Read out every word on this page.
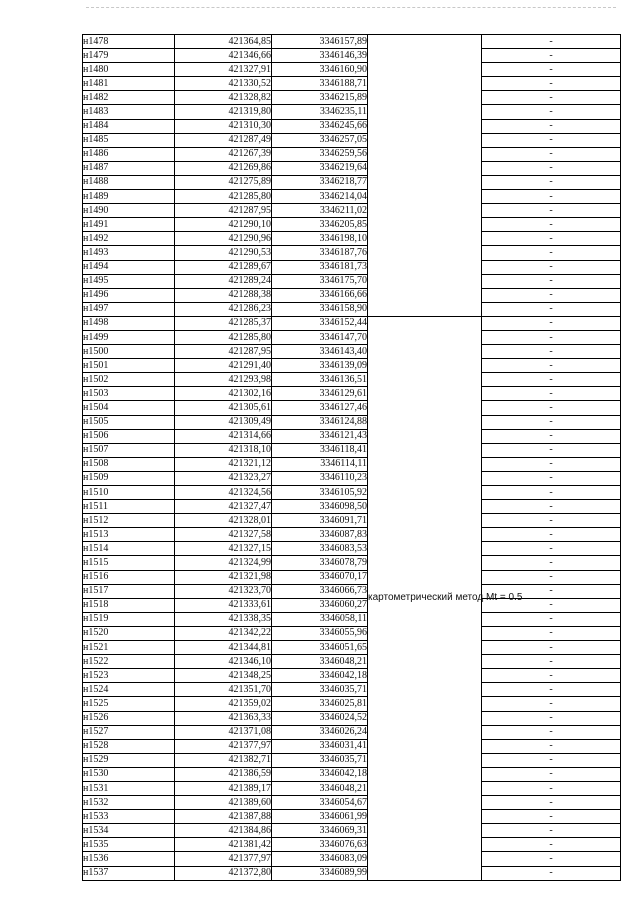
н1478	421364,85	3346157,89		-
н1479	421346,66	3346146,39		-
н1480	421327,91	3346160,90		-
н1481	421330,52	3346188,71		-
н1482	421328,82	3346215,89		-
н1483	421319,80	3346235,11		-
н1484	421310,30	3346245,66		-
н1485	421287,49	3346257,05		-
н1486	421267,39	3346259,56		-
н1487	421269,86	3346219,64		-
н1488	421275,89	3346218,77		-
н1489	421285,80	3346214,04		-
н1490	421287,95	3346211,02		-
н1491	421290,10	3346205,85		-
н1492	421290,96	3346198,10		-
н1493	421290,53	3346187,76		-
н1494	421289,67	3346181,73		-
н1495	421289,24	3346175,70		-
н1496	421288,38	3346166,66		-
н1497	421286,23	3346158,90		-
н1498	421285,37	3346152,44	картометрический метод Mt = 0.5	-
н1499	421285,80	3346147,70		-
н1500	421287,95	3346143,40		-
н1501	421291,40	3346139,09		-
н1502	421293,98	3346136,51		-
н1503	421302,16	3346129,61		-
н1504	421305,61	3346127,46		-
н1505	421309,49	3346124,88		-
н1506	421314,66	3346121,43		-
н1507	421318,10	3346118,41		-
н1508	421321,12	3346114,11		-
н1509	421323,27	3346110,23		-
н1510	421324,56	3346105,92		-
н1511	421327,47	3346098,50		-
н1512	421328,01	3346091,71		-
н1513	421327,58	3346087,83		-
н1514	421327,15	3346083,53		-
н1515	421324,99	3346078,79		-
н1516	421321,98	3346070,17		-
н1517	421323,70	3346066,73		-
н1518	421333,61	3346060,27		-
н1519	421338,35	3346058,11		-
н1520	421342,22	3346055,96		-
н1521	421344,81	3346051,65		-
н1522	421346,10	3346048,21		-
н1523	421348,25	3346042,18		-
н1524	421351,70	3346035,71		-
н1525	421359,02	3346025,81		-
н1526	421363,33	3346024,52		-
н1527	421371,08	3346026,24		-
н1528	421377,97	3346031,41		-
н1529	421382,71	3346035,71		-
н1530	421386,59	3346042,18		-
н1531	421389,17	3346048,21		-
н1532	421389,60	3346054,67		-
н1533	421387,88	3346061,99		-
н1534	421384,86	3346069,31		-
н1535	421381,42	3346076,63		-
н1536	421377,97	3346083,09		-
н1537	421372,80	3346089,99		-
